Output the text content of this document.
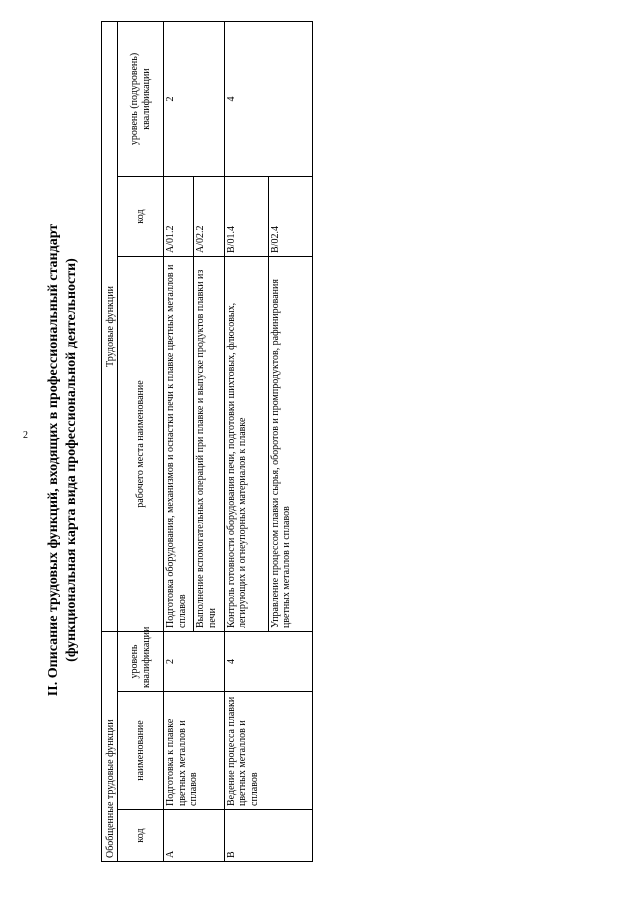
2 II. Описание трудовых функций, входящих в профессиональный стандарт (функциональная карта вида профессиональной деятельности)
Обобщенные трудовые функции			Трудовые функции		
код	наименование	уровень квалификации	рабочего места наименование	код	уровень (подуровень) квалификации
А	Подготовка к плавке цветных металлов и сплавов	2	Подготовка оборудования, механизмов и оснастки печи к плавке цветных металлов и сплавов	А/01.2	2
			Выполнение вспомогательных операций при плавке и выпуске продуктов плавки из печи	А/02.2	
В	Ведение процесса плавки цветных металлов и сплавов	4	Контроль готовности оборудования печи, подготовки шихтовых, флюсовых, легирующих и огнеупорных материалов к плавке	В/01.4	4
			Управление процессом плавки сырья, оборотов и промпродуктов, рафинирования цветных металлов и сплавов	В/02.4	
